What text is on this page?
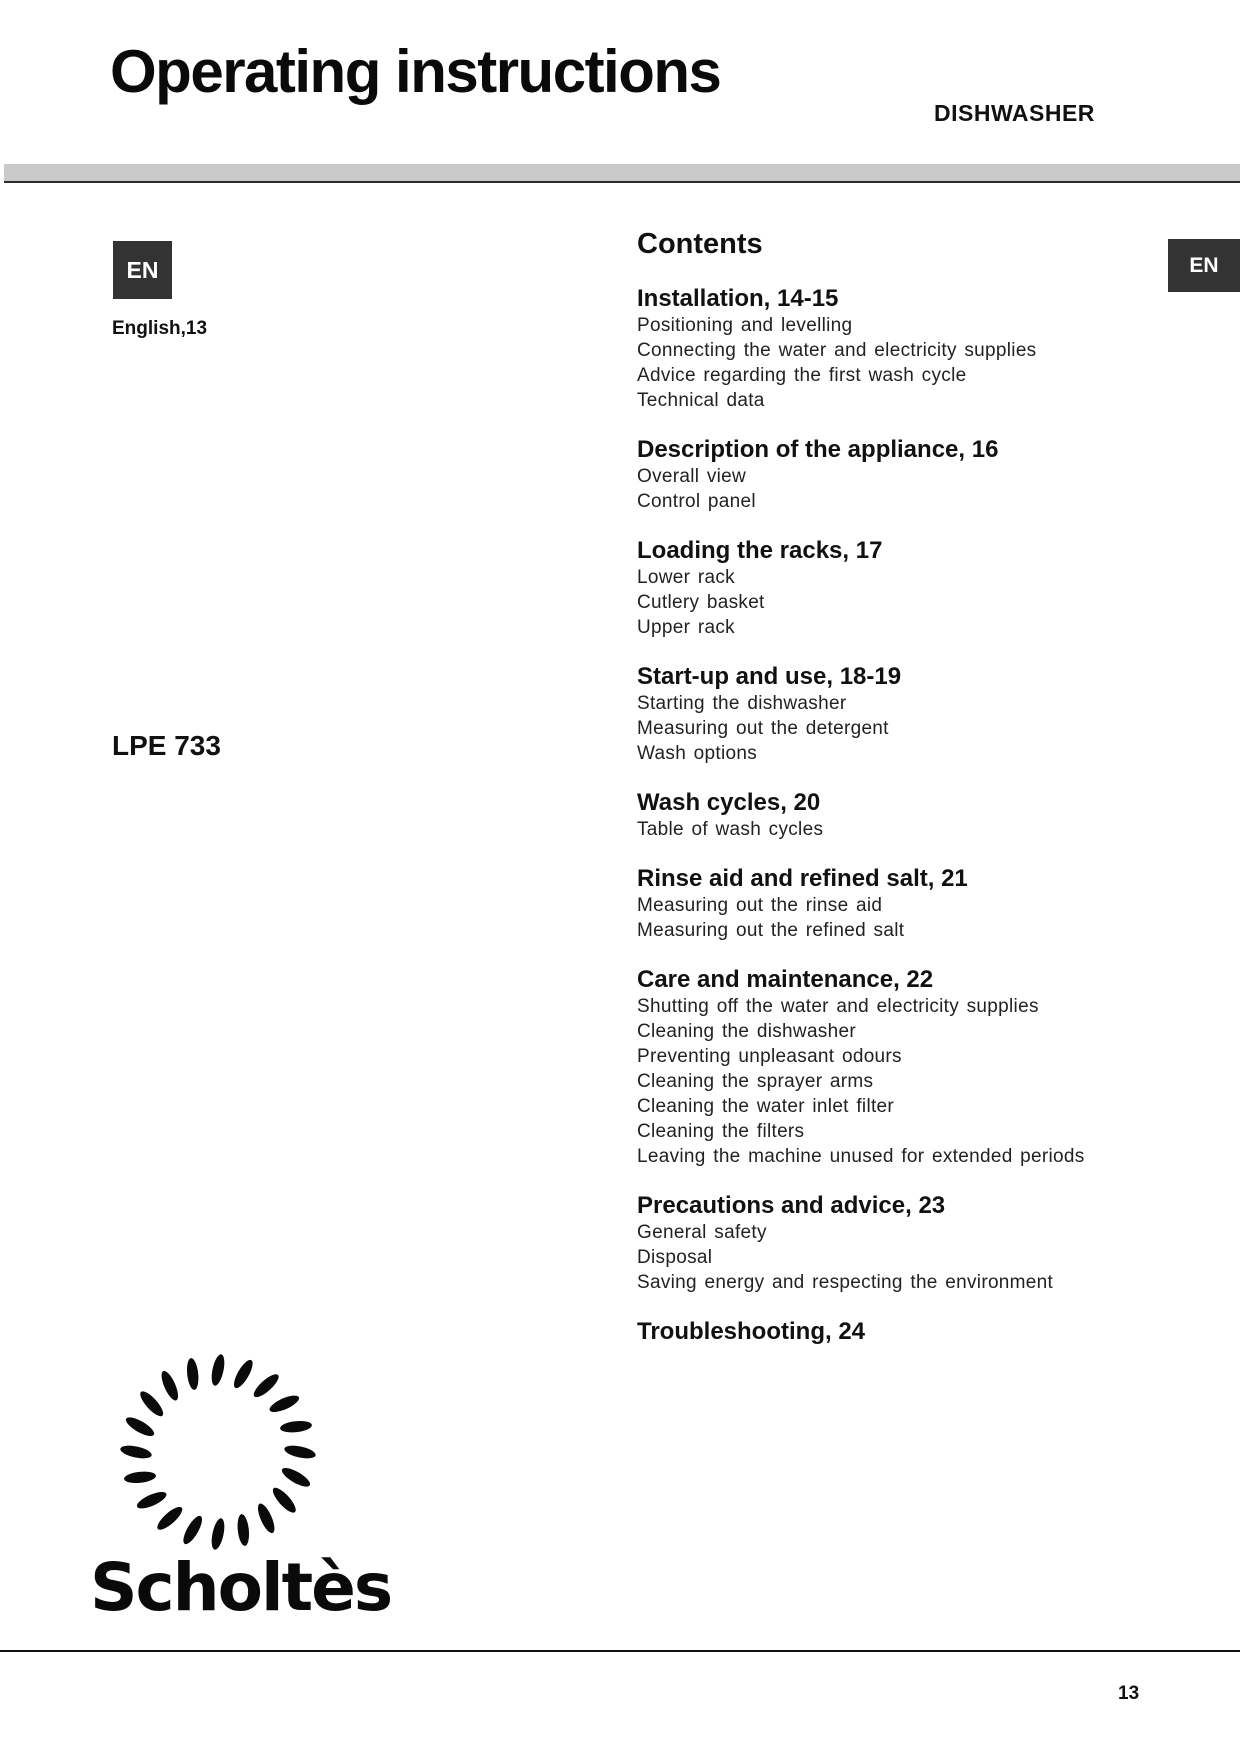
Operating instructions
DISHWASHER
EN
English,13
LPE 733
EN
Contents
Installation, 14-15
Positioning and levelling
Connecting the water and electricity supplies
Advice regarding the first wash cycle
Technical data
Description of the appliance, 16
Overall view
Control panel
Loading the racks, 17
Lower rack
Cutlery basket
Upper rack
Start-up and use, 18-19
Starting the dishwasher
Measuring out the detergent
Wash options
Wash cycles, 20
Table of wash cycles
Rinse aid and refined salt, 21
Measuring out the rinse aid
Measuring out the refined salt
Care and maintenance, 22
Shutting off the water and electricity supplies
Cleaning the dishwasher
Preventing unpleasant odours
Cleaning the sprayer arms
Cleaning the water inlet filter
Cleaning the filters
Leaving the machine unused for extended periods
Precautions and advice, 23
General safety
Disposal
Saving energy and respecting the environment
Troubleshooting, 24
Scholtès
13
